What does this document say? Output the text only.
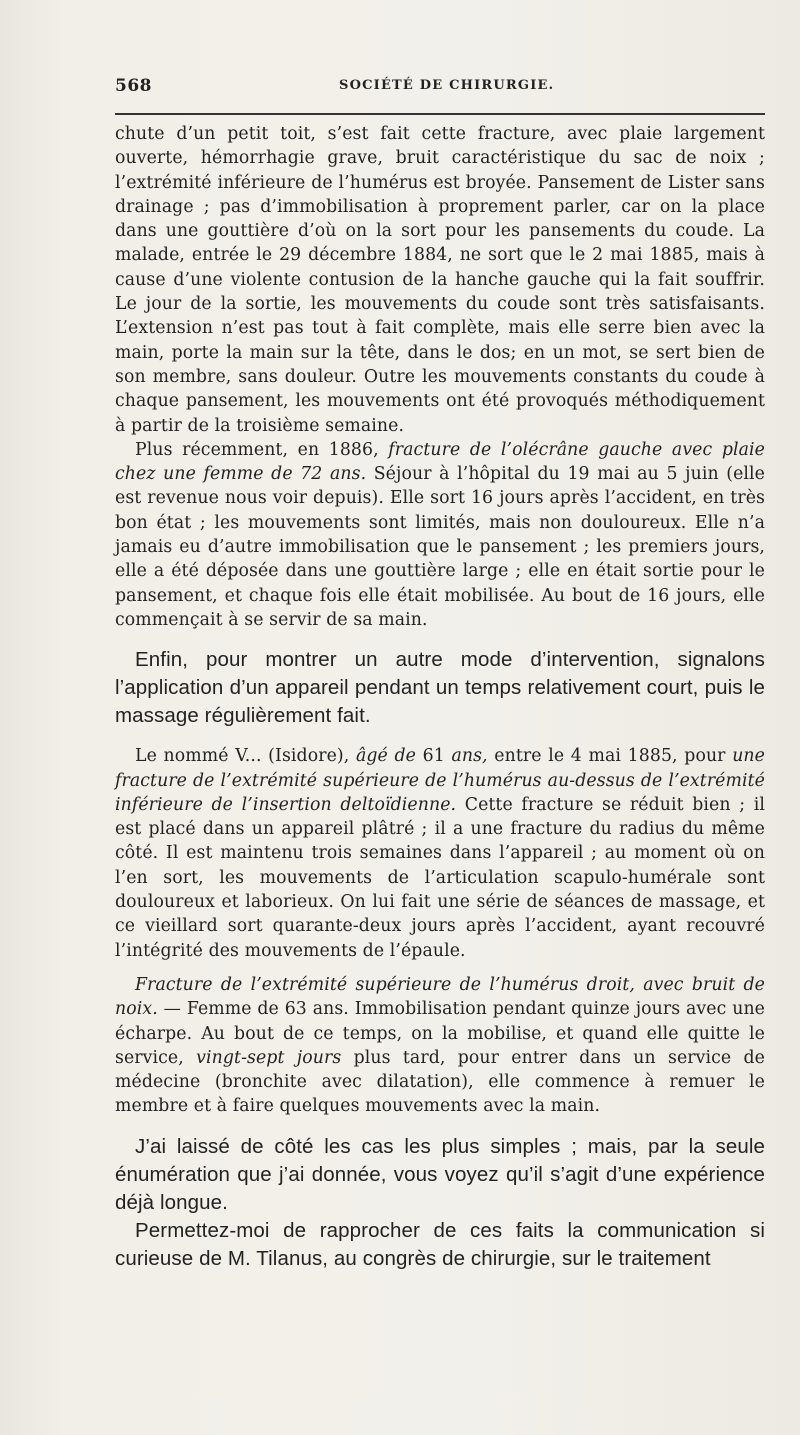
568	SOCIÉTÉ DE CHIRURGIE.

chute d’un petit toit, s’est fait cette fracture, avec plaie largement ouverte, hémorrhagie grave, bruit caractéristique du sac de noix ; l’extrémité inférieure de l’humérus est broyée. Pansement de Lister sans drainage ; pas d’immobilisation à proprement parler, car on la place dans une gouttière d’où on la sort pour les pansements du coude. La malade, entrée le 29 décembre 1884, ne sort que le 2 mai 1885, mais à cause d’une violente contusion de la hanche gauche qui la fait souffrir. Le jour de la sortie, les mouvements du coude sont très satisfaisants. L’extension n’est pas tout à fait complète, mais elle serre bien avec la main, porte la main sur la tête, dans le dos; en un mot, se sert bien de son membre, sans douleur. Outre les mouvements constants du coude à chaque pansement, les mouvements ont été provoqués méthodiquement à partir de la troisième semaine.

Plus récemment, en 1886, fracture de l’olécrâne gauche avec plaie chez une femme de 72 ans. Séjour à l’hôpital du 19 mai au 5 juin (elle est revenue nous voir depuis). Elle sort 16 jours après l’accident, en très bon état ; les mouvements sont limités, mais non douloureux. Elle n’a jamais eu d’autre immobilisation que le pansement ; les premiers jours, elle a été déposée dans une gouttière large ; elle en était sortie pour le pansement, et chaque fois elle était mobilisée. Au bout de 16 jours, elle commençait à se servir de sa main.

Enfin, pour montrer un autre mode d’intervention, signalons l’application d’un appareil pendant un temps relativement court, puis le massage régulièrement fait.

Le nommé V... (Isidore), âgé de 61 ans, entre le 4 mai 1885, pour une fracture de l’extrémité supérieure de l’humérus au-dessus de l’extrémité inférieure de l’insertion deltoïdienne. Cette fracture se réduit bien ; il est placé dans un appareil plâtré ; il a une fracture du radius du même côté. Il est maintenu trois semaines dans l’appareil ; au moment où on l’en sort, les mouvements de l’articulation scapulo-humérale sont douloureux et laborieux. On lui fait une série de séances de massage, et ce vieillard sort quarante-deux jours après l’accident, ayant recouvré l’intégrité des mouvements de l’épaule.

Fracture de l’extrémité supérieure de l’humérus droit, avec bruit de noix. — Femme de 63 ans. Immobilisation pendant quinze jours avec une écharpe. Au bout de ce temps, on la mobilise, et quand elle quitte le service, vingt-sept jours plus tard, pour entrer dans un service de médecine (bronchite avec dilatation), elle commence à remuer le membre et à faire quelques mouvements avec la main.

J’ai laissé de côté les cas les plus simples ; mais, par la seule énumération que j’ai donnée, vous voyez qu’il s’agit d’une expérience déjà longue.

Permettez-moi de rapprocher de ces faits la communication si curieuse de M. Tilanus, au congrès de chirurgie, sur le traitement
